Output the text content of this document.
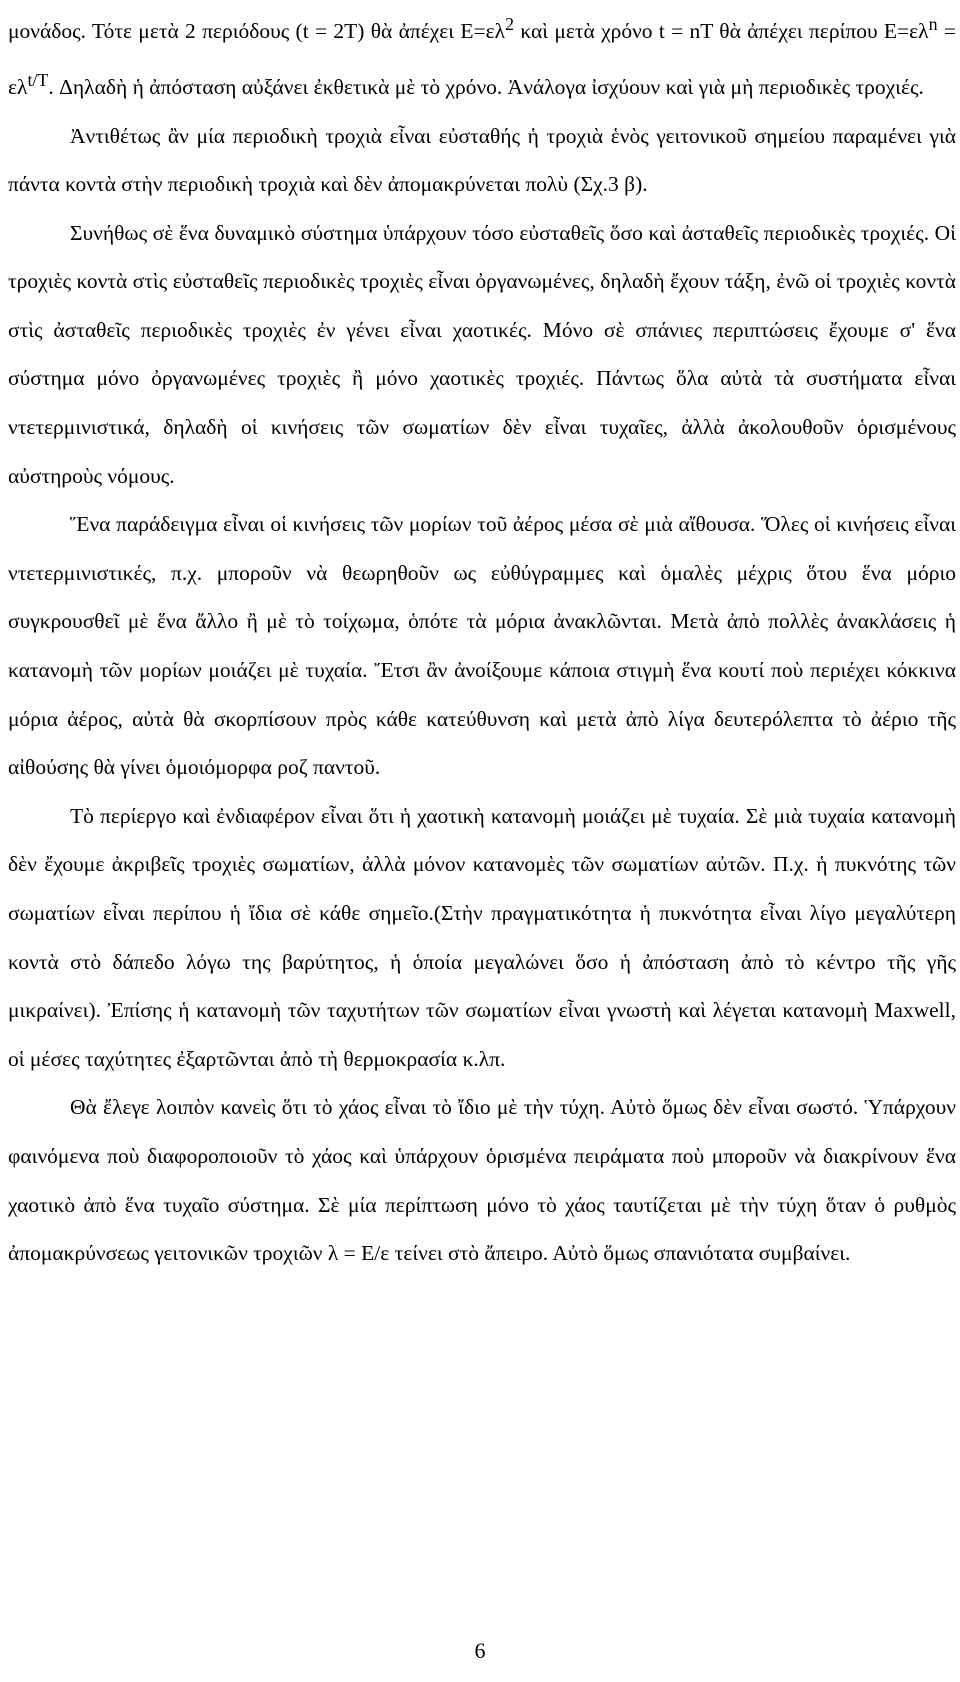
μονάδος. Τότε μετὰ 2 περιόδους (t = 2T) θὰ ἀπέχει $E=\varepsilon\lambda^2$ καὶ μετὰ χρόνο t = nT θὰ ἀπέχει περίπου $E=\varepsilon\lambda^n = \varepsilon\lambda^{t/T}$. Δηλαδὴ ἡ ἀπόσταση αὐξάνει ἐκθετικὰ μὲ τὸ χρόνο. Ἀνάλογα ἰσχύουν καὶ γιὰ μὴ περιοδικὲς τροχιές.

Ἀντιθέτως ἂν μία περιοδικὴ τροχιὰ εἶναι εὐσταθής ἡ τροχιὰ ἑνὸς γειτονικοῦ σημείου παραμένει γιὰ πάντα κοντὰ στὴν περιοδικὴ τροχιὰ καὶ δὲν ἀπομακρύνεται πολὺ (Σχ.3 β).

Συνήθως σὲ ἕνα δυναμικὸ σύστημα ὑπάρχουν τόσο εὐσταθεῖς ὅσο καὶ ἀσταθεῖς περιοδικὲς τροχιές. Οἱ τροχιὲς κοντὰ στὶς εὐσταθεῖς περιοδικὲς τροχιὲς εἶναι ὀργανωμένες, δηλαδὴ ἔχουν τάξη, ἐνῶ οἱ τροχιὲς κοντὰ στὶς ἀσταθεῖς περιοδικὲς τροχιὲς ἐν γένει εἶναι χαοτικές. Μόνο σὲ σπάνιες περιπτώσεις ἔχουμε σ' ἕνα σύστημα μόνο ὀργανωμένες τροχιὲς ἢ μόνο χαοτικὲς τροχιές. Πάντως ὅλα αὐτὰ τὰ συστήματα εἶναι ντετερμινιστικά, δηλαδὴ οἱ κινήσεις τῶν σωματίων δὲν εἶναι τυχαῖες, ἀλλὰ ἀκολουθοῦν ὁρισμένους αὐστηροὺς νόμους.

Ἕνα παράδειγμα εἶναι οἱ κινήσεις τῶν μορίων τοῦ ἀέρος μέσα σὲ μιὰ αἴθουσα. Ὅλες οἱ κινήσεις εἶναι ντετερμινιστικές, π.χ. μποροῦν νὰ θεωρηθοῦν ως εὐθύγραμμες καὶ ὁμαλὲς μέχρις ὅτου ἕνα μόριο συγκρουσθεῖ μὲ ἕνα ἄλλο ἢ μὲ τὸ τοίχωμα, ὁπότε τὰ μόρια ἀνακλῶνται. Μετὰ ἀπὸ πολλὲς ἀνακλάσεις ἡ κατανομὴ τῶν μορίων μοιάζει μὲ τυχαία. Ἔτσι ἂν ἀνοίξουμε κάποια στιγμὴ ἕνα κουτί ποὺ περιέχει κόκκινα μόρια ἀέρος, αὐτὰ θὰ σκορπίσουν πρὸς κάθε κατεύθυνση καὶ μετὰ ἀπὸ λίγα δευτερόλεπτα τὸ ἀέριο τῆς αἰθούσης θὰ γίνει ὁμοιόμορφα ροζ παντοῦ.

Τὸ περίεργο καὶ ἐνδιαφέρον εἶναι ὅτι ἡ χαοτικὴ κατανομὴ μοιάζει μὲ τυχαία. Σὲ μιὰ τυχαία κατανομὴ δὲν ἔχουμε ἀκριβεῖς τροχιὲς σωματίων, ἀλλὰ μόνον κατανομὲς τῶν σωματίων αὐτῶν. Π.χ. ἡ πυκνότης τῶν σωματίων εἶναι περίπου ἡ ἴδια σὲ κάθε σημεῖο.(Στὴν πραγματικότητα ἡ πυκνότητα εἶναι λίγο μεγαλύτερη κοντὰ στὸ δάπεδο λόγω της βαρύτητος, ἡ ὁποία μεγαλώνει ὅσο ἡ ἀπόσταση ἀπὸ τὸ κέντρο τῆς γῆς μικραίνει). Ἐπίσης ἡ κατανομὴ τῶν ταχυτήτων τῶν σωματίων εἶναι γνωστὴ καὶ λέγεται κατανομὴ Maxwell, οἱ μέσες ταχύτητες ἐξαρτῶνται ἀπὸ τὴ θερμοκρασία κ.λπ.

Θὰ ἔλεγε λοιπὸν κανεὶς ὅτι τὸ χάος εἶναι τὸ ἴδιο μὲ τὴν τύχη. Αὐτὸ ὅμως δὲν εἶναι σωστό. Ὑπάρχουν φαινόμενα ποὺ διαφοροποιοῦν τὸ χάος καὶ ὑπάρχουν ὁρισμένα πειράματα ποὺ μποροῦν νὰ διακρίνουν ἕνα χαοτικὸ ἀπὸ ἕνα τυχαῖο σύστημα. Σὲ μία περίπτωση μόνο τὸ χάος ταυτίζεται μὲ τὴν τύχη ὅταν ὁ ρυθμὸς ἀπομακρύνσεως γειτονικῶν τροχιῶν λ = Ε/ε τείνει στὸ ἄπειρο. Αὐτὸ ὅμως σπανιότατα συμβαίνει.

6
